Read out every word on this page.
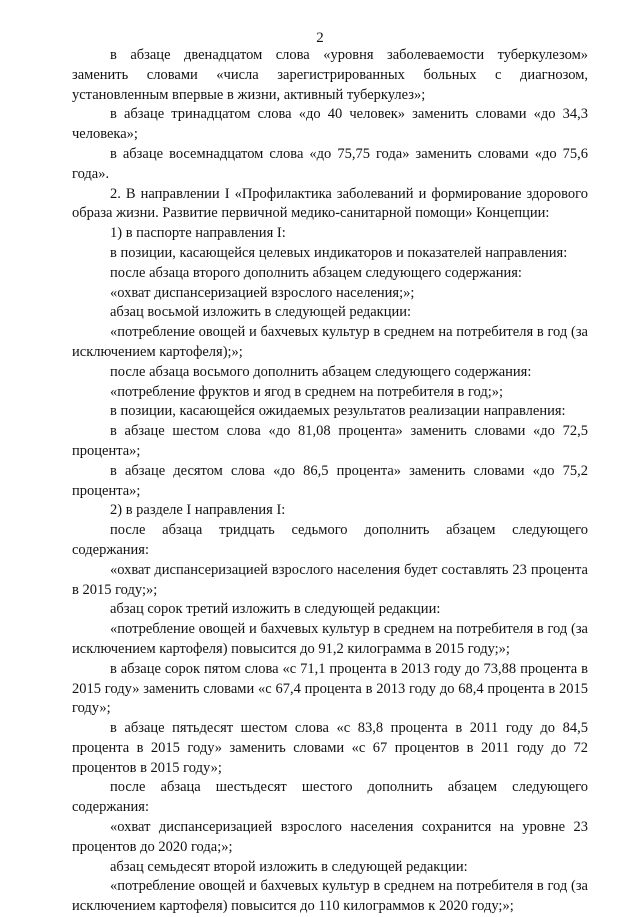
2

в абзаце двенадцатом слова «уровня заболеваемости туберкулезом» заменить словами «числа зарегистрированных больных с диагнозом, установленным впервые в жизни, активный туберкулез»;

в абзаце тринадцатом слова «до 40 человек» заменить словами «до 34,3 человека»;

в абзаце восемнадцатом слова «до 75,75 года» заменить словами «до 75,6 года».

2. В направлении I «Профилактика заболеваний и формирование здорового образа жизни. Развитие первичной медико-санитарной помощи» Концепции:

1) в паспорте направления I:

в позиции, касающейся целевых индикаторов и показателей направления:

после абзаца второго дополнить абзацем следующего содержания:

«охват диспансеризацией взрослого населения;»;

абзац восьмой изложить в следующей редакции:

«потребление овощей и бахчевых культур в среднем на потребителя в год (за исключением картофеля);»;

после абзаца восьмого дополнить абзацем следующего содержания:

«потребление фруктов и ягод в среднем на потребителя в год;»;

в позиции, касающейся ожидаемых результатов реализации направления:

в абзаце шестом слова «до 81,08 процента» заменить словами «до 72,5 процента»;

в абзаце десятом слова «до 86,5 процента» заменить словами «до 75,2 процента»;

2) в разделе I направления I:

после абзаца тридцать седьмого дополнить абзацем следующего содержания:

«охват диспансеризацией взрослого населения будет составлять 23 процента в 2015 году;»;

абзац сорок третий изложить в следующей редакции:

«потребление овощей и бахчевых культур в среднем на потребителя в год (за исключением картофеля) повысится до 91,2 килограмма в 2015 году;»;

в абзаце сорок пятом слова «с 71,1 процента в 2013 году до 73,88 процента в 2015 году» заменить словами «с 67,4 процента в 2013 году до 68,4 процента в 2015 году»;

в абзаце пятьдесят шестом слова «с 83,8 процента в 2011 году до 84,5 процента в 2015 году» заменить словами «с 67 процентов в 2011 году до 72 процентов в 2015 году»;

после абзаца шестьдесят шестого дополнить абзацем следующего содержания:

«охват диспансеризацией взрослого населения сохранится на уровне 23 процентов до 2020 года;»;

абзац семьдесят второй изложить в следующей редакции:

«потребление овощей и бахчевых культур в среднем на потребителя в год (за исключением картофеля) повысится до 110 килограммов к 2020 году;»;
